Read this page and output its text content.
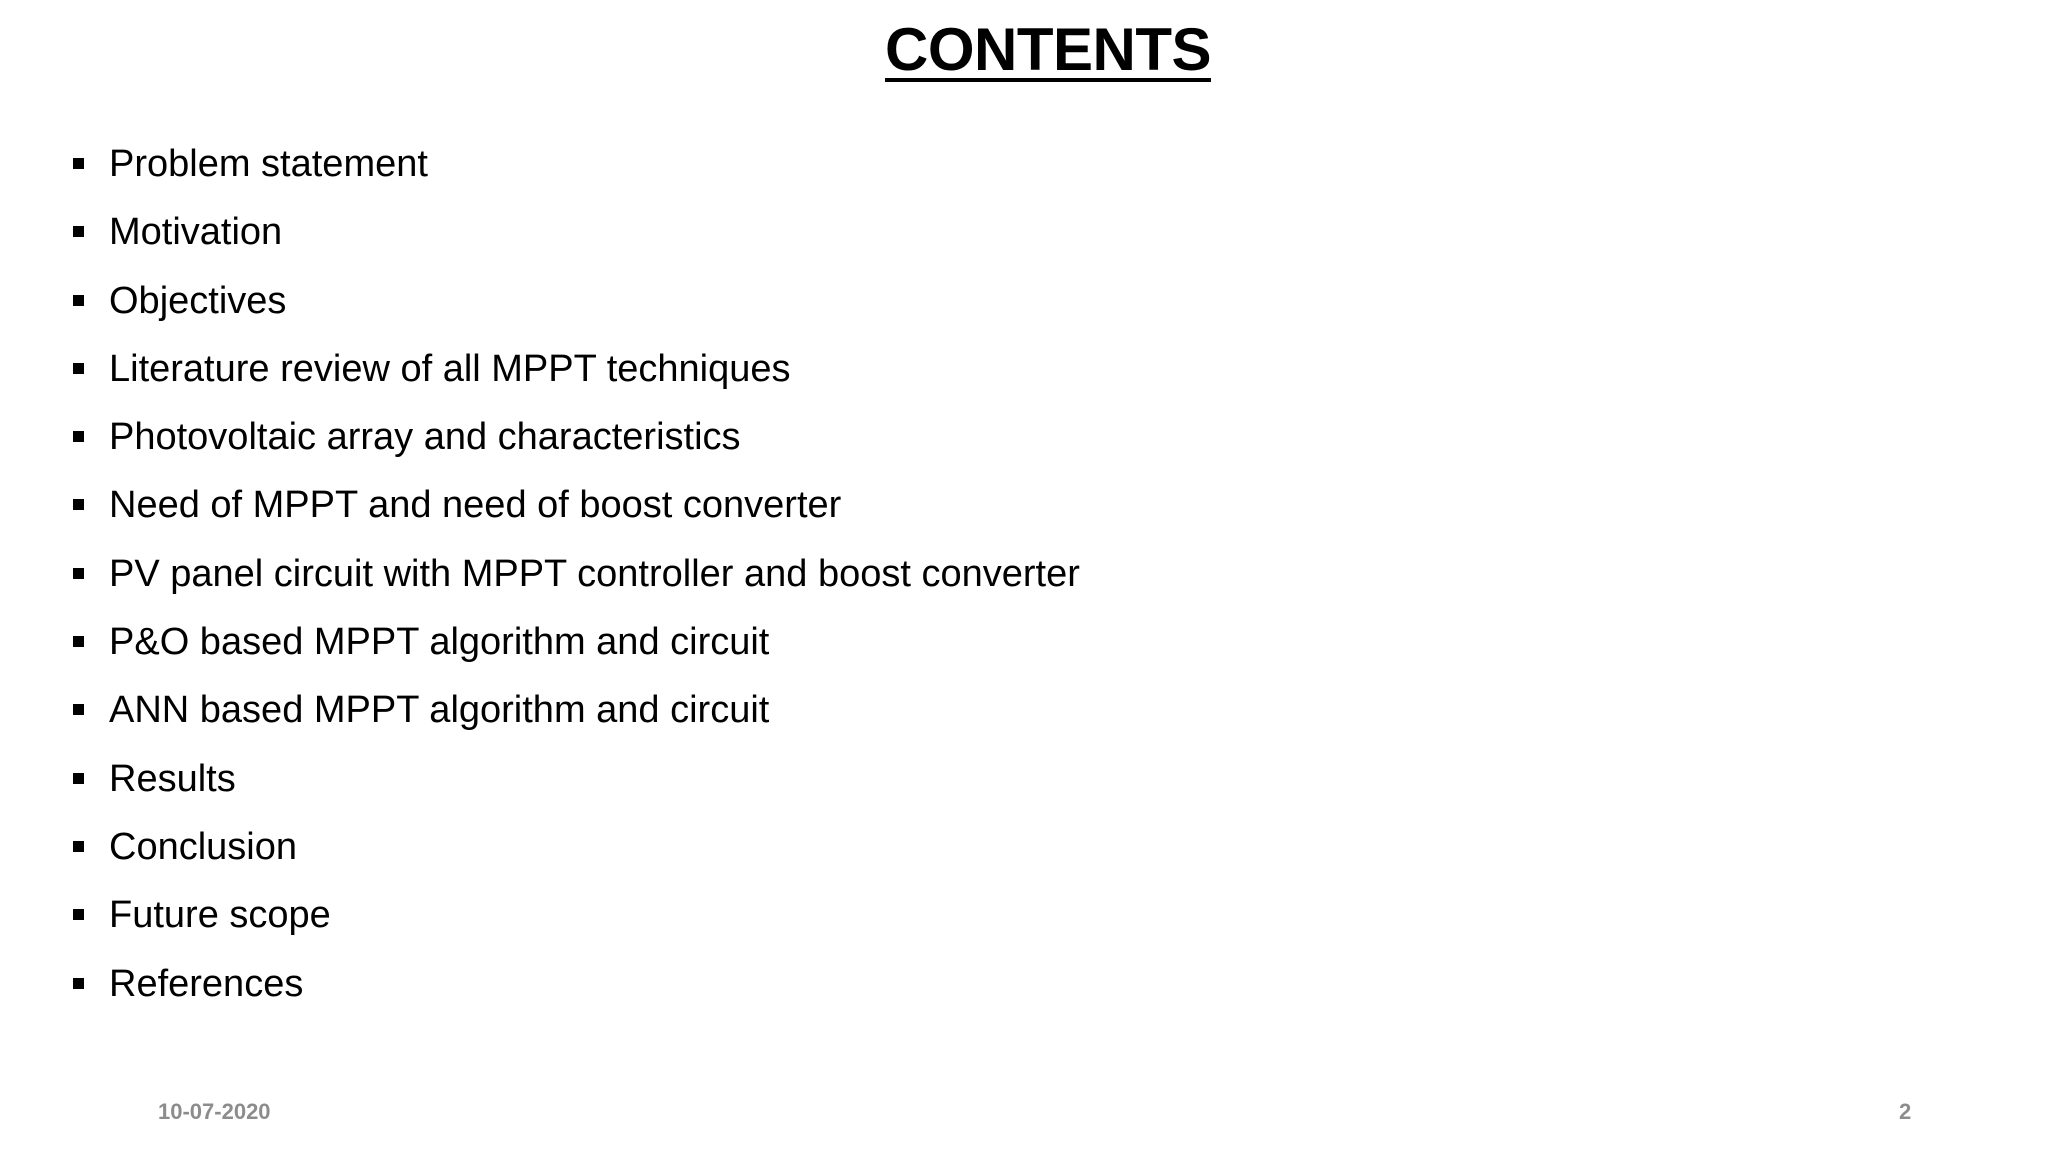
CONTENTS
Problem statement
Motivation
Objectives
Literature review of all MPPT techniques
Photovoltaic array and characteristics
Need of MPPT and need of boost converter
PV panel circuit with MPPT controller and boost converter
P&O based MPPT algorithm and circuit
ANN based MPPT algorithm and circuit
Results
Conclusion
Future scope
References
10-07-2020	2
